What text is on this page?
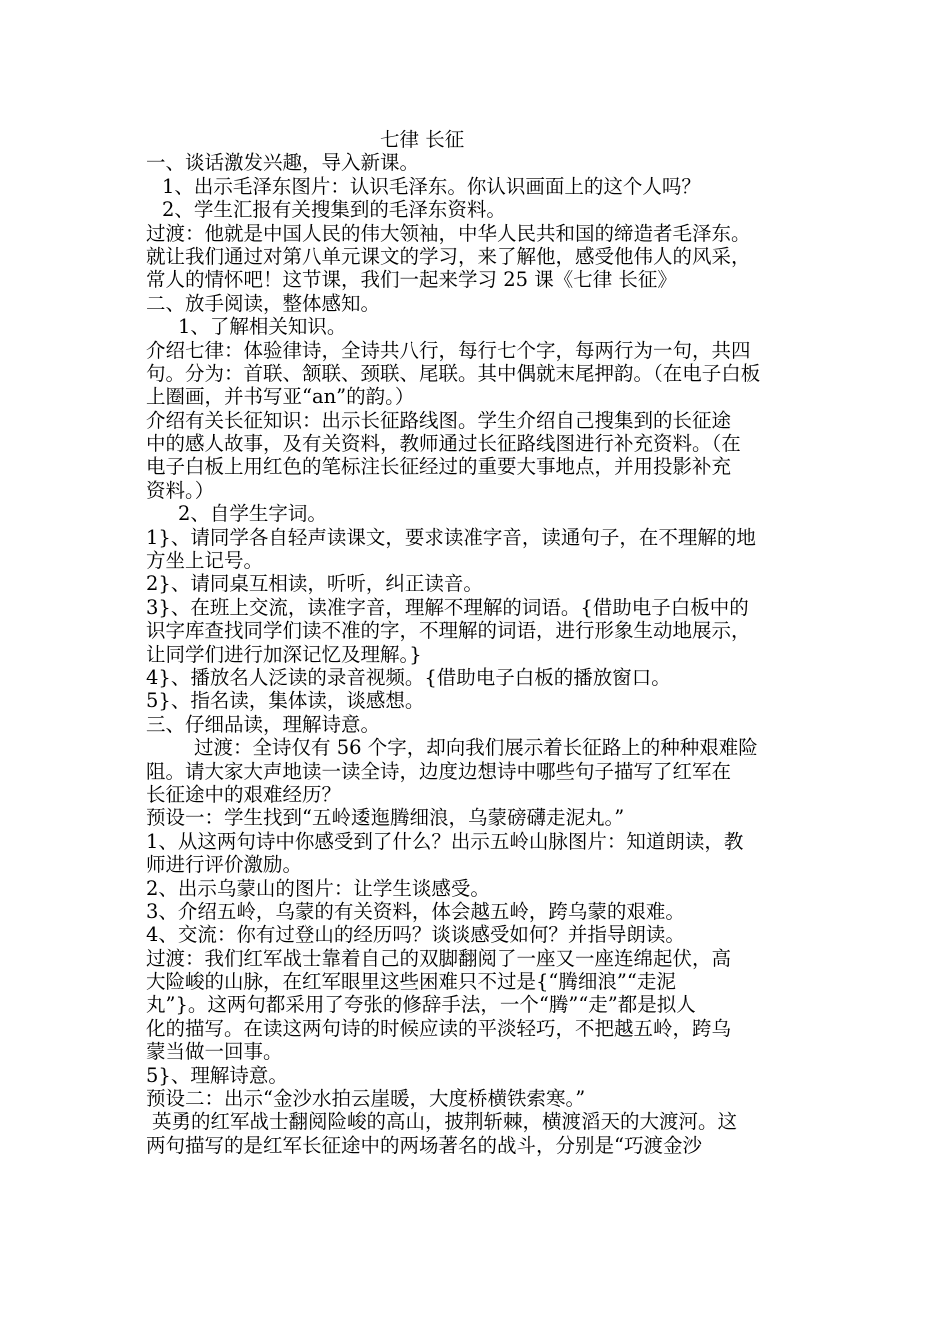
七律 长征
一、谈话激发兴趣，导入新课。
1、出示毛泽东图片：认识毛泽东。你认识画面上的这个人吗？
2、学生汇报有关搜集到的毛泽东资料。
过渡：他就是中国人民的伟大领袖，中华人民共和国的缔造者毛泽东。
就让我们通过对第八单元课文的学习，来了解他，感受他伟人的风采，
常人的情怀吧！这节课，我们一起来学习 25 课《七律 长征》
二、放手阅读，整体感知。
1、了解相关知识。
介绍七律：体验律诗，全诗共八行，每行七个字，每两行为一句，共四
句。分为：首联、颔联、颈联、尾联。其中偶就末尾押韵。（在电子白板
上圈画，并书写亚“an”的韵。）
介绍有关长征知识：出示长征路线图。学生介绍自己搜集到的长征途
中的感人故事，及有关资料，教师通过长征路线图进行补充资料。（在
电子白板上用红色的笔标注长征经过的重要大事地点，并用投影补充
资料。）
2、自学生字词。
1}、请同学各自轻声读课文，要求读准字音，读通句子，在不理解的地
方坐上记号。
2}、请同桌互相读，听听，纠正读音。
3}、在班上交流，读准字音，理解不理解的词语。{借助电子白板中的
识字库查找同学们读不准的字，不理解的词语，进行形象生动地展示，
让同学们进行加深记忆及理解。}
4}、播放名人泛读的录音视频。{借助电子白板的播放窗口。
5}、指名读，集体读，谈感想。
三、仔细品读，理解诗意。
过渡：全诗仅有 56 个字，却向我们展示着长征路上的种种艰难险
阻。请大家大声地读一读全诗，边度边想诗中哪些句子描写了红军在
长征途中的艰难经历？
预设一：学生找到“五岭逶迤腾细浪，乌蒙磅礴走泥丸。”
1、从这两句诗中你感受到了什么？出示五岭山脉图片：知道朗读，教
师进行评价激励。
2、出示乌蒙山的图片：让学生谈感受。
3、介绍五岭，乌蒙的有关资料，体会越五岭，跨乌蒙的艰难。
4、交流：你有过登山的经历吗？谈谈感受如何？并指导朗读。
过渡：我们红军战士靠着自己的双脚翻阅了一座又一座连绵起伏，高
大险峻的山脉，在红军眼里这些困难只不过是{“腾细浪”“走泥
丸”}。这两句都采用了夸张的修辞手法，一个“腾”“走”都是拟人
化的描写。在读这两句诗的时候应读的平淡轻巧，不把越五岭，跨乌
蒙当做一回事。
5}、理解诗意。
预设二：出示“金沙水拍云崖暖，大度桥横铁索寒。”
英勇的红军战士翻阅险峻的高山，披荆斩棘，横渡滔天的大渡河。这
两句描写的是红军长征途中的两场著名的战斗，分别是“巧渡金沙
